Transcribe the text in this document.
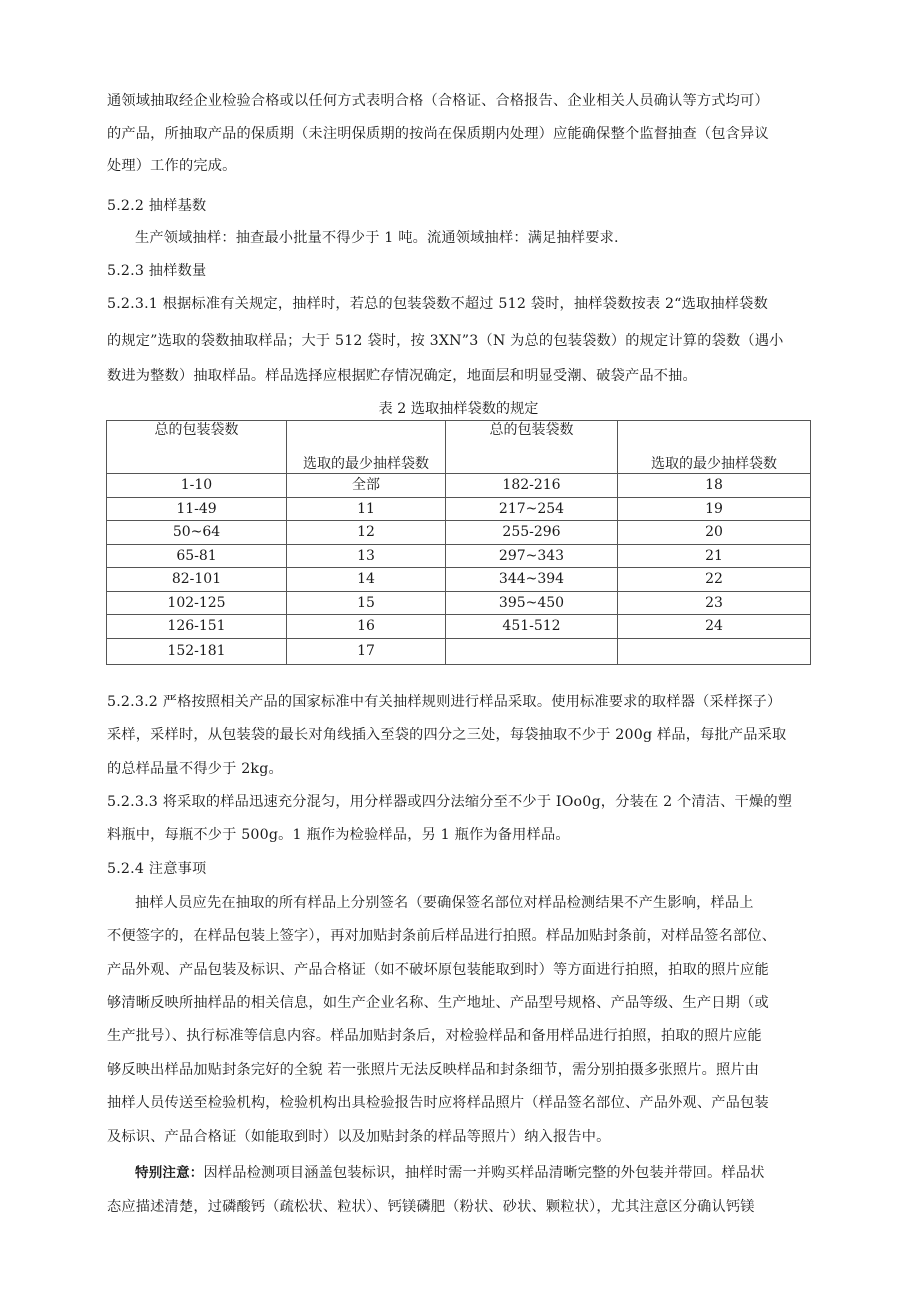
通领域抽取经企业检验合格或以任何方式表明合格（合格证、合格报告、企业相关人员确认等方式均可）
的产品，所抽取产品的保质期（未注明保质期的按尚在保质期内处理）应能确保整个监督抽查（包含异议
处理）工作的完成。
5.2.2 抽样基数
生产领域抽样：抽查最小批量不得少于 1 吨。流通领域抽样：满足抽样要求.
5.2.3 抽样数量
5.2.3.1 根据标准有关规定，抽样时，若总的包装袋数不超过 512 袋时，抽样袋数按表 2“选取抽样袋数
的规定”选取的袋数抽取样品；大于 512 袋时，按 3XN”3（N 为总的包装袋数）的规定计算的袋数（遇小
数进为整数）抽取样品。样品选择应根据贮存情况确定，地面层和明显受潮、破袋产品不抽。
表 2 选取抽样袋数的规定
总的包装袋数	选取的最少抽样袋数	总的包装袋数	选取的最少抽样袋数
1-10	全部	182-216	18
11-49	11	217~254	19
50~64	12	255-296	20
65-81	13	297~343	21
82-101	14	344~394	22
102-125	15	395~450	23
126-151	16	451-512	24
152-181	17		
5.2.3.2 严格按照相关产品的国家标准中有关抽样规则进行样品采取。使用标准要求的取样器（采样探子）
采样，采样时，从包装袋的最长对角线插入至袋的四分之三处，每袋抽取不少于 200g 样品，每批产品采取
的总样品量不得少于 2kg。
5.2.3.3 将采取的样品迅速充分混匀，用分样器或四分法缩分至不少于 IOo0g，分装在 2 个清洁、干燥的塑
料瓶中，每瓶不少于 500g。1 瓶作为检验样品，另 1 瓶作为备用样品。
5.2.4 注意事项
抽样人员应先在抽取的所有样品上分别签名（要确保签名部位对样品检测结果不产生影响，样品上
不便签字的，在样品包装上签字），再对加贴封条前后样品进行拍照。样品加贴封条前，对样品签名部位、
产品外观、产品包装及标识、产品合格证（如不破坏原包装能取到时）等方面进行拍照，拍取的照片应能
够清晰反映所抽样品的相关信息，如生产企业名称、生产地址、产品型号规格、产品等级、生产日期（或
生产批号）、执行标准等信息内容。样品加贴封条后，对检验样品和备用样品进行拍照，拍取的照片应能
够反映出样品加贴封条完好的全貌 若一张照片无法反映样品和封条细节，需分别拍摄多张照片。照片由
抽样人员传送至检验机构，检验机构出具检验报告时应将样品照片（样品签名部位、产品外观、产品包装
及标识、产品合格证（如能取到时）以及加贴封条的样品等照片）纳入报告中。
特别注意：因样品检测项目涵盖包装标识，抽样时需一并购买样品清晰完整的外包装并带回。样品状
态应描述清楚，过磷酸钙（疏松状、粒状）、钙镁磷肥（粉状、砂状、颗粒状），尤其注意区分确认钙镁
